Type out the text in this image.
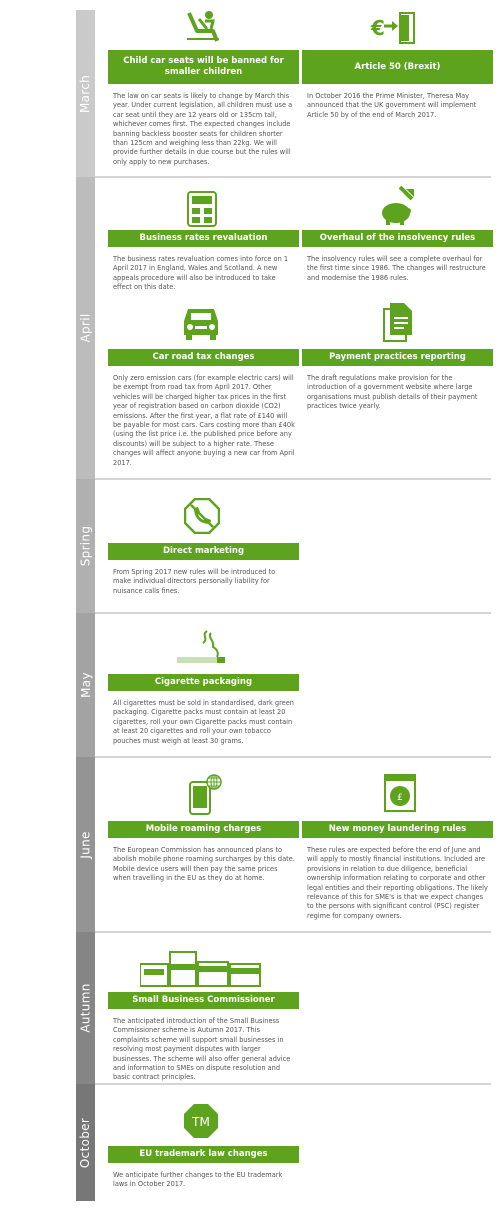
March
€
Child car seats will be banned for smaller children
The law on car seats is likely to change by March this year. Under current legislation, all children must use a car seat until they are 12 years old or 135cm tall, whichever comes first. The expected changes include banning backless booster seats for children shorter than 125cm and weighing less than 22kg. We will provide further details in due course but the rules will only apply to new purchases.
Article 50 (Brexit)
In October 2016 the Prime Minister, Theresa May announced that the UK government will implement Article 50 by of the end of March 2017.
April
Business rates revaluation
The business rates revaluation comes into force on 1 April 2017 in England, Wales and Scotland. A new appeals procedure will also be introduced to take effect on this date.
Overhaul of the insolvency rules
The insolvency rules will see a complete overhaul for the first time since 1986. The changes will restructure and modernise the 1986 rules.
Car road tax changes
Only zero emission cars (for example electric cars) will be exempt from road tax from April 2017. Other vehicles will be charged higher tax prices in the first year of registration based on carbon dioxide (CO2) emissions. After the first year, a flat rate of £140 will be payable for most cars. Cars costing more than £40k (using the list price i.e. the published price before any discounts) will be subject to a higher rate. These changes will affect anyone buying a new car from April 2017.
Payment practices reporting
The draft regulations make provision for the introduction of a government website where large organisations must publish details of their payment practices twice yearly.
Spring	Direct marketing
From Spring 2017 new rules will be introduced to make individual directors personally liability for nuisance calls fines.
May	Cigarette packaging
All cigarettes must be sold in standardised, dark green packaging. Cigarette packs must contain at least 20 cigarettes, roll your own Cigarette packs must contain at least 20 cigarettes and roll your own tobacco pouches must weigh at least 30 grams.
June
£
Mobile roaming charges
The European Commission has announced plans to abolish mobile phone roaming surcharges by this date. Mobile device users will then pay the same prices when travelling in the EU as they do at home.
New money laundering rules
These rules are expected before the end of June and will apply to mostly financial institutions. Included are provisions in relation to due diligence, beneficial ownership information relating to corporate and other legal entities and their reporting obligations. The likely relevance of this for SME's is that we expect changes to the persons with significant control (PSC) register regime for company owners.
Autumn	Small Business Commissioner
The anticipated introduction of the Small Business Commissioner scheme is Autumn 2017. This complaints scheme will support small businesses in resolving most payment disputes with larger businesses. The scheme will also offer general advice and information to SMEs on dispute resolution and basic contract principles.
October	TM
EU trademark law changes
We anticipate further changes to the EU trademark laws in October 2017.
